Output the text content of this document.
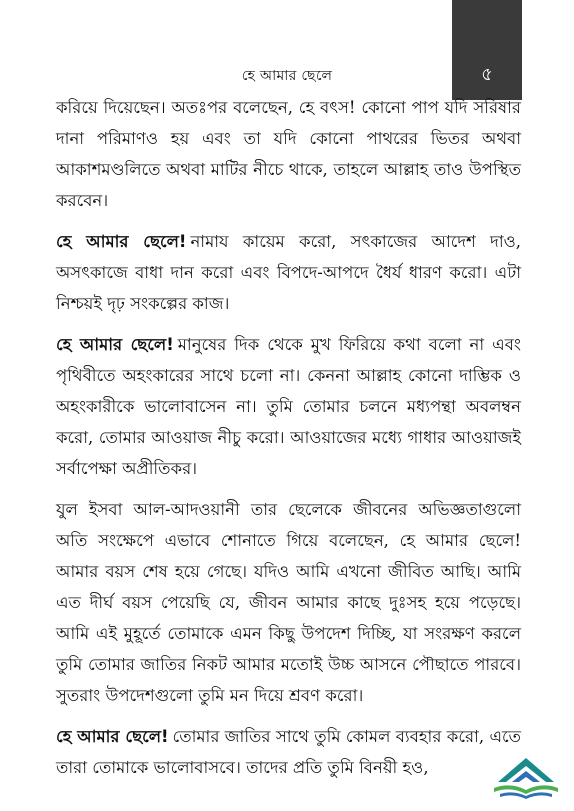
৫
হে আমার ছেলে

করিয়ে দিয়েছেন। অতঃপর বলেছেন, হে বৎস! কোনো পাপ যদি সরিষার দানা পরিমাণও হয় এবং তা যদি কোনো পাথরের ভিতর অথবা আকাশমণ্ডলিতে অথবা মাটির নীচে থাকে, তাহলে আল্লাহ তাও উপস্থিত করবেন।

হে আমার ছেলে! নামায কায়েম করো, সৎকাজের আদেশ দাও, অসৎকাজে বাধা দান করো এবং বিপদে-আপদে ধৈর্য ধারণ করো। এটা নিশ্চয়ই দৃঢ় সংকল্পের কাজ।

হে আমার ছেলে! মানুষের দিক থেকে মুখ ফিরিয়ে কথা বলো না এবং পৃথিবীতে অহংকারের সাথে চলো না। কেননা আল্লাহ কোনো দাম্ভিক ও অহংকারীকে ভালোবাসেন না। তুমি তোমার চলনে মধ্যপন্থা অবলম্বন করো, তোমার আওয়াজ নীচু করো। আওয়াজের মধ্যে গাধার আওয়াজই সর্বাপেক্ষা অপ্রীতিকর।

যুল ইসবা আল-আদওয়ানী তার ছেলেকে জীবনের অভিজ্ঞতাগুলো অতি সংক্ষেপে এভাবে শোনাতে গিয়ে বলেছেন, হে আমার ছেলে! আমার বয়স শেষ হয়ে গেছে। যদিও আমি এখনো জীবিত আছি। আমি এত দীর্ঘ বয়স পেয়েছি যে, জীবন আমার কাছে দুঃসহ হয়ে পড়েছে। আমি এই মুহূর্তে তোমাকে এমন কিছু উপদেশ দিচ্ছি, যা সংরক্ষণ করলে তুমি তোমার জাতির নিকট আমার মতোই উচ্চ আসনে পৌছাতে পারবে। সুতরাং উপদেশগুলো তুমি মন দিয়ে শ্রবণ করো।

হে আমার ছেলে! তোমার জাতির সাথে তুমি কোমল ব্যবহার করো, এতে তারা তোমাকে ভালোবাসবে। তাদের প্রতি তুমি বিনয়ী হও,
